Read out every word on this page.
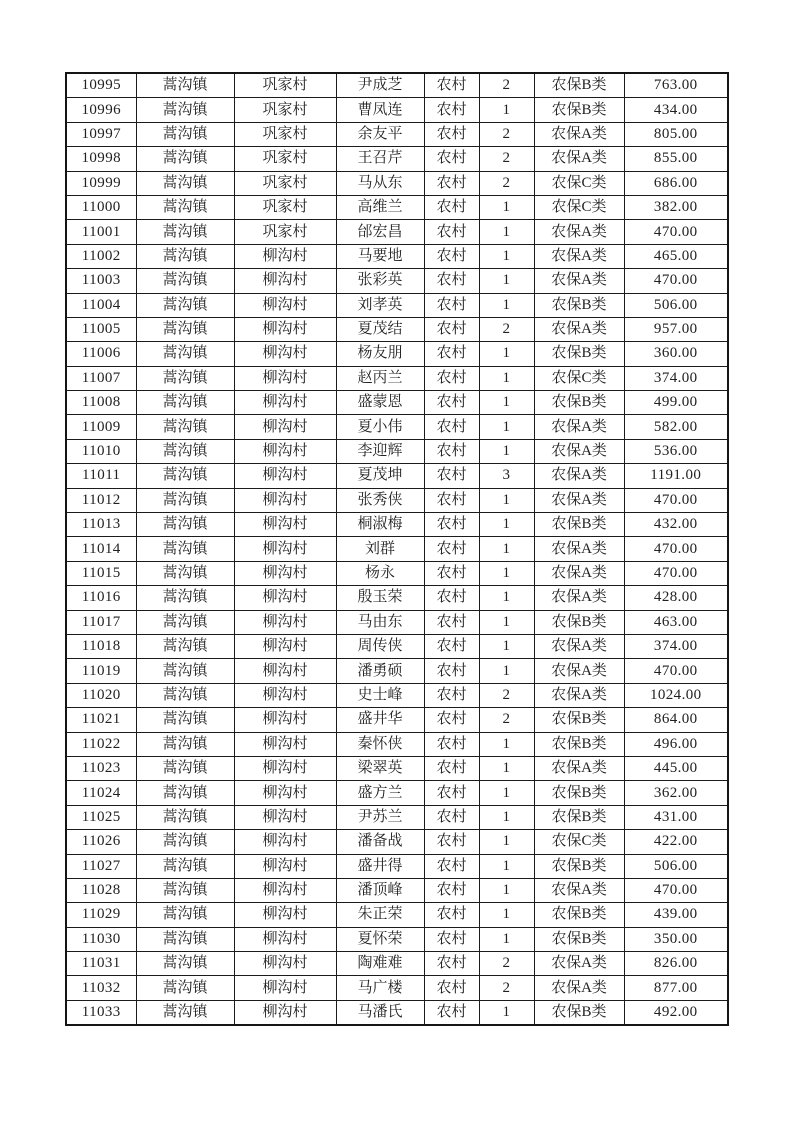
10995	蒿沟镇	巩家村	尹成芝	农村	2	农保B类	763.00
10996	蒿沟镇	巩家村	曹凤连	农村	1	农保B类	434.00
10997	蒿沟镇	巩家村	余友平	农村	2	农保A类	805.00
10998	蒿沟镇	巩家村	王召芹	农村	2	农保A类	855.00
10999	蒿沟镇	巩家村	马从东	农村	2	农保C类	686.00
11000	蒿沟镇	巩家村	高维兰	农村	1	农保C类	382.00
11001	蒿沟镇	巩家村	邰宏昌	农村	1	农保A类	470.00
11002	蒿沟镇	柳沟村	马要地	农村	1	农保A类	465.00
11003	蒿沟镇	柳沟村	张彩英	农村	1	农保A类	470.00
11004	蒿沟镇	柳沟村	刘孝英	农村	1	农保B类	506.00
11005	蒿沟镇	柳沟村	夏茂结	农村	2	农保A类	957.00
11006	蒿沟镇	柳沟村	杨友朋	农村	1	农保B类	360.00
11007	蒿沟镇	柳沟村	赵丙兰	农村	1	农保C类	374.00
11008	蒿沟镇	柳沟村	盛蒙恩	农村	1	农保B类	499.00
11009	蒿沟镇	柳沟村	夏小伟	农村	1	农保A类	582.00
11010	蒿沟镇	柳沟村	李迎辉	农村	1	农保A类	536.00
11011	蒿沟镇	柳沟村	夏茂坤	农村	3	农保A类	1191.00
11012	蒿沟镇	柳沟村	张秀侠	农村	1	农保A类	470.00
11013	蒿沟镇	柳沟村	桐淑梅	农村	1	农保B类	432.00
11014	蒿沟镇	柳沟村	刘群	农村	1	农保A类	470.00
11015	蒿沟镇	柳沟村	杨永	农村	1	农保A类	470.00
11016	蒿沟镇	柳沟村	殷玉荣	农村	1	农保A类	428.00
11017	蒿沟镇	柳沟村	马由东	农村	1	农保B类	463.00
11018	蒿沟镇	柳沟村	周传侠	农村	1	农保A类	374.00
11019	蒿沟镇	柳沟村	潘勇硕	农村	1	农保A类	470.00
11020	蒿沟镇	柳沟村	史士峰	农村	2	农保A类	1024.00
11021	蒿沟镇	柳沟村	盛井华	农村	2	农保B类	864.00
11022	蒿沟镇	柳沟村	秦怀侠	农村	1	农保B类	496.00
11023	蒿沟镇	柳沟村	梁翠英	农村	1	农保A类	445.00
11024	蒿沟镇	柳沟村	盛方兰	农村	1	农保B类	362.00
11025	蒿沟镇	柳沟村	尹苏兰	农村	1	农保B类	431.00
11026	蒿沟镇	柳沟村	潘备战	农村	1	农保C类	422.00
11027	蒿沟镇	柳沟村	盛井得	农村	1	农保B类	506.00
11028	蒿沟镇	柳沟村	潘顶峰	农村	1	农保A类	470.00
11029	蒿沟镇	柳沟村	朱正荣	农村	1	农保B类	439.00
11030	蒿沟镇	柳沟村	夏怀荣	农村	1	农保B类	350.00
11031	蒿沟镇	柳沟村	陶难难	农村	2	农保A类	826.00
11032	蒿沟镇	柳沟村	马广楼	农村	2	农保A类	877.00
11033	蒿沟镇	柳沟村	马潘氏	农村	1	农保B类	492.00
